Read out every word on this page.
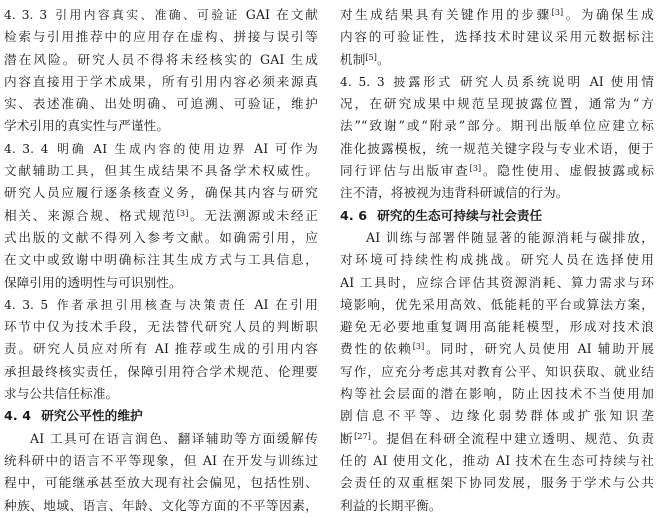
4. 3. 3 引用内容真实、准确、可验证 GAI 在文献
检索与引用推荐中的应用存在虚构、拼接与误引等
潜在风险。研究人员不得将未经核实的 GAI 生成
内容直接用于学术成果，所有引用内容必须来源真
实、表述准确、出处明确、可追溯、可验证，维护
学术引用的真实性与严谨性。
4. 3. 4 明确 AI 生成内容的使用边界 AI 可作为
文献辅助工具，但其生成结果不具备学术权威性。
研究人员应履行逐条核查义务，确保其内容与研究
相关、来源合规、格式规范[3]。无法溯源或未经正
式出版的文献不得列入参考文献。如确需引用，应
在文中或致谢中明确标注其生成方式与工具信息，
保障引用的透明性与可识别性。
4. 3. 5 作者承担引用核查与决策责任 AI 在引用
环节中仅为技术手段，无法替代研究人员的判断职
责。研究人员应对所有 AI 推荐或生成的引用内容
承担最终核实责任，保障引用符合学术规范、伦理要
求与公共信任标准。
4. 4 研究公平性的维护
AI 工具可在语言润色、翻译辅助等方面缓解传
统科研中的语言不平等现象，但 AI 在开发与训练过
程中，可能继承甚至放大现有社会偏见，包括性别、
种族、地域、语言、年龄、文化等方面的不平等因素，
对生成结果具有关键作用的步骤[3]。为确保生成
内容的可验证性，选择技术时建议采用元数据标注
机制[5]。
4. 5. 3 披露形式 研究人员系统说明 AI 使用情
况，在研究成果中规范呈现披露位置，通常为“方
法”“致谢”或“附录”部分。期刊出版单位应建立标
准化披露模板，统一规范关键字段与专业术语，便于
同行评估与出版审查[3]。隐性使用、虚假披露或标
注不清，将被视为违背科研诚信的行为。
4. 6 研究的生态可持续与社会责任
AI 训练与部署伴随显著的能源消耗与碳排放，
对环境可持续性构成挑战。研究人员在选择使用
AI 工具时，应综合评估其资源消耗、算力需求与环
境影响，优先采用高效、低能耗的平台或算法方案，
避免无必要地重复调用高能耗模型，形成对技术浪
费性的依赖[3]。同时，研究人员使用 AI 辅助开展
写作，应充分考虑其对教育公平、知识获取、就业结
构等社会层面的潜在影响，防止因技术不当使用加
剧信息不平等、边缘化弱势群体或扩张知识垄
断[27]。提倡在科研全流程中建立透明、规范、负责
任的 AI 使用文化，推动 AI 技术在生态可持续与社
会责任的双重框架下协同发展，服务于学术与公共
利益的长期平衡。
